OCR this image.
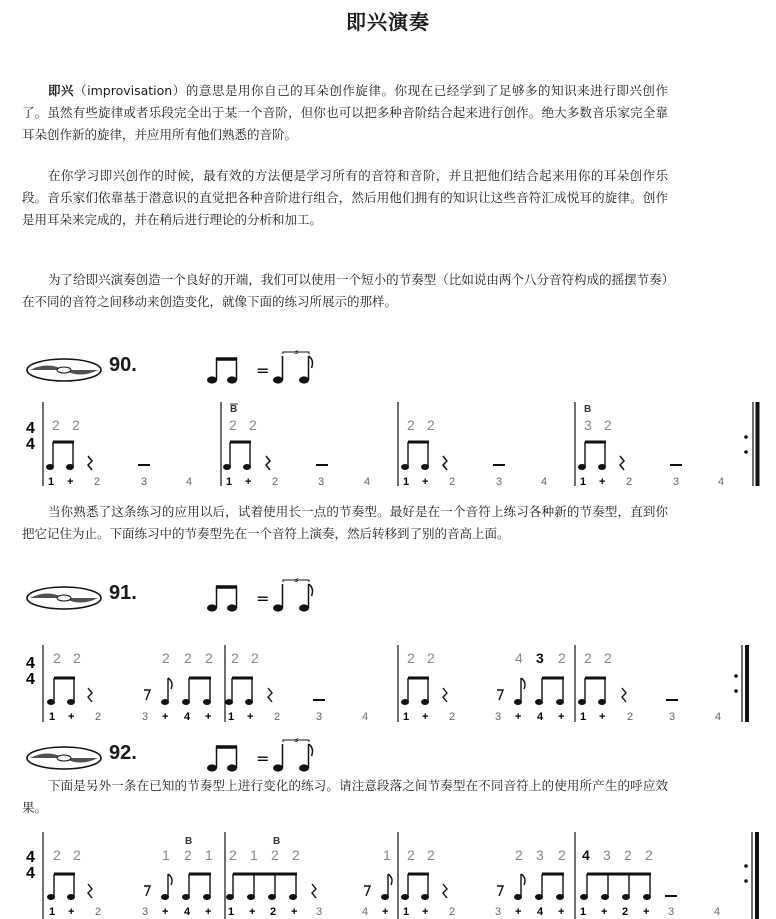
即兴演奏

即兴（improvisation）的意思是用你自己的耳朵创作旋律。你现在已经学到了足够多的知识来进行即兴创作了。虽然有些旋律或者乐段完全出于某一个音阶，但你也可以把多种音阶结合起来进行创作。绝大多数音乐家完全靠耳朵创作新的旋律，并应用所有他们熟悉的音阶。

在你学习即兴创作的时候，最有效的方法便是学习所有的音符和音阶，并且把他们结合起来用你的耳朵创作乐段。音乐家们依靠基于潜意识的直觉把各种音阶进行组合，然后用他们拥有的知识让这些音符汇成悦耳的旋律。创作是用耳朵来完成的，并在稍后进行理论的分析和加工。

为了给即兴演奏创造一个良好的开端，我们可以使用一个短小的节奏型（比如说由两个八分音符构成的摇摆节奏）在不同的音符之间移动来创造变化，就像下面的练习所展示的那样。

当你熟悉了这条练习的应用以后，试着使用长一点的节奏型。最好是在一个音符上练习各种新的节奏型，直到你把它记住为止。下面练习中的节奏型先在一个音符上演奏，然后转移到了别的音高上面。

下面是另外一条在已知的节奏型上进行变化的练习。请注意段落之间节奏型在不同音符上的使用所产生的呼应效果。

90.	=
3
91.	=
3
92.	=
3
4
4
2 2
B
2 2	2 2
B
3 2
1 + 2	3	4	1 + 2	3	4	1 + 2	3	4	1 + 2	3	4
4
4
2 2	2 2 2 2 2	2 2	4 3 2 2 2
1 + 2	3 + 4 + 1 + 2	3	4	1 + 2	3 + 4 + 1 + 2	3	4
4
4
B	B
2 2	1 2 1 2 1 2 2	1 2 2	2 3 2 4 3 2 2
1 + 2	3 + 4 + 1 + 2 + 3	4 + 1 + 2	3 + 4 + 1 + 2 + 3	4
